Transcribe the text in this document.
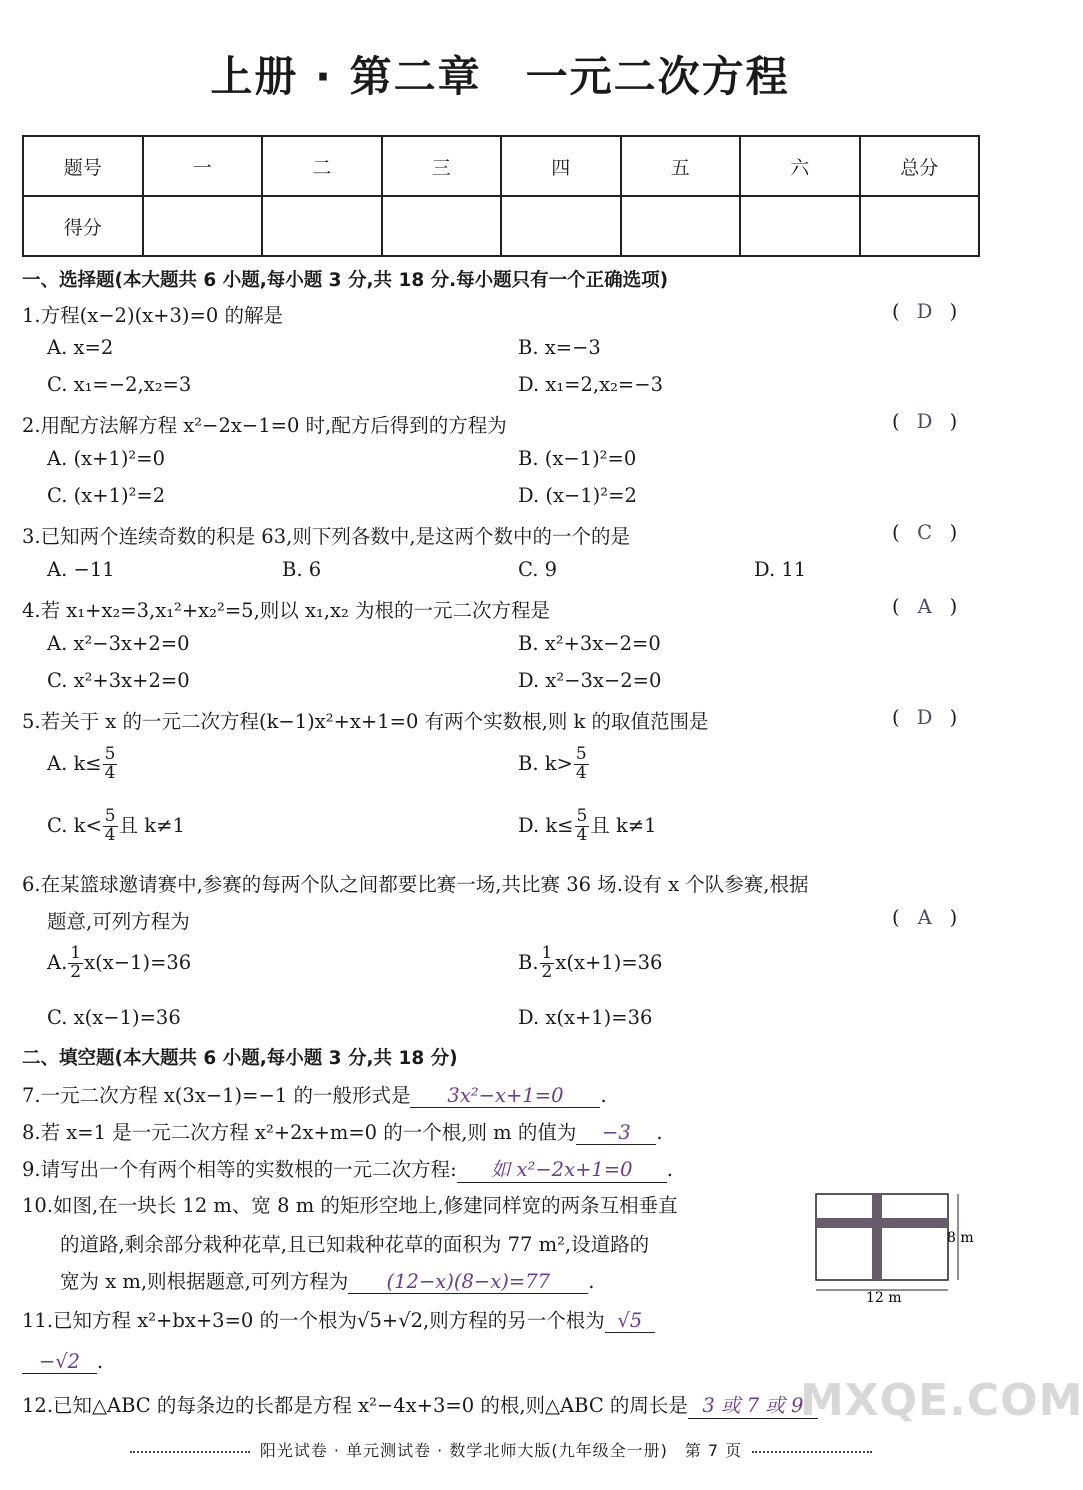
上册 · 第二章　一元二次方程
题号	一	二	三	四	五	六	总分
得分							
一、选择题(本大题共 6 小题,每小题 3 分,共 18 分.每小题只有一个正确选项)
1.方程(x−2)(x+3)=0 的解是	( D )
A. x=2	B. x=−3
C. x₁=−2,x₂=3	D. x₁=2,x₂=−3
2.用配方法解方程 x²−2x−1=0 时,配方后得到的方程为	( D )
A. (x+1)²=0	B. (x−1)²=0
C. (x+1)²=2	D. (x−1)²=2
3.已知两个连续奇数的积是 63,则下列各数中,是这两个数中的一个的是	( C )
A. −11	B. 6	C. 9	D. 11
4.若 x₁+x₂=3,x₁²+x₂²=5,则以 x₁,x₂ 为根的一元二次方程是	( A )
A. x²−3x+2=0	B. x²+3x−2=0
C. x²+3x+2=0	D. x²−3x−2=0
5.若关于 x 的一元二次方程(k−1)x²+x+1=0 有两个实数根,则 k 的取值范围是	( D )
A. $k\le \frac{5}{4}$	B. $k> \frac{5}{4}$
C. $k< \frac{5}{4}$ 且 k≠1	D. $k\le \frac{5}{4}$ 且 k≠1
6.在某篮球邀请赛中,参赛的每两个队之间都要比赛一场,共比赛 36 场.设有 x 个队参赛,根据
题意,可列方程为	( A )
A. $\frac{1}{2} x(x-1)=36$	B. $\frac{1}{2} x(x+1)=36$
C. x(x−1)=36	D. x(x+1)=36
二、填空题(本大题共 6 小题,每小题 3 分,共 18 分)
7.一元二次方程 x(3x−1)=−1 的一般形式是 3x²−x+1=0 .
8.若 x=1 是一元二次方程 x²+2x+m=0 的一个根,则 m 的值为 −3 .
9.请写出一个有两个相等的实数根的一元二次方程: 如 x²−2x+1=0 .
10.如图,在一块长 12 m、宽 8 m 的矩形空地上,修建同样宽的两条互相垂直
的道路,剩余部分栽种花草,且已知栽种花草的面积为 77 m²,设道路的
宽为 x m,则根据题意,可列方程为 (12−x)(8−x)=77 .
8 m
12 m
11.已知方程 x²+bx+3=0 的一个根为√5+√2,则方程的另一个根为 √5
−√2 .
12.已知△ABC 的每条边的长都是方程 x²−4x+3=0 的根,则△ABC 的周长是 3 或 7 或 9
阳光试卷 · 单元测试卷 · 数学北师大版(九年级全一册)　第 7 页
MXQE.COM
